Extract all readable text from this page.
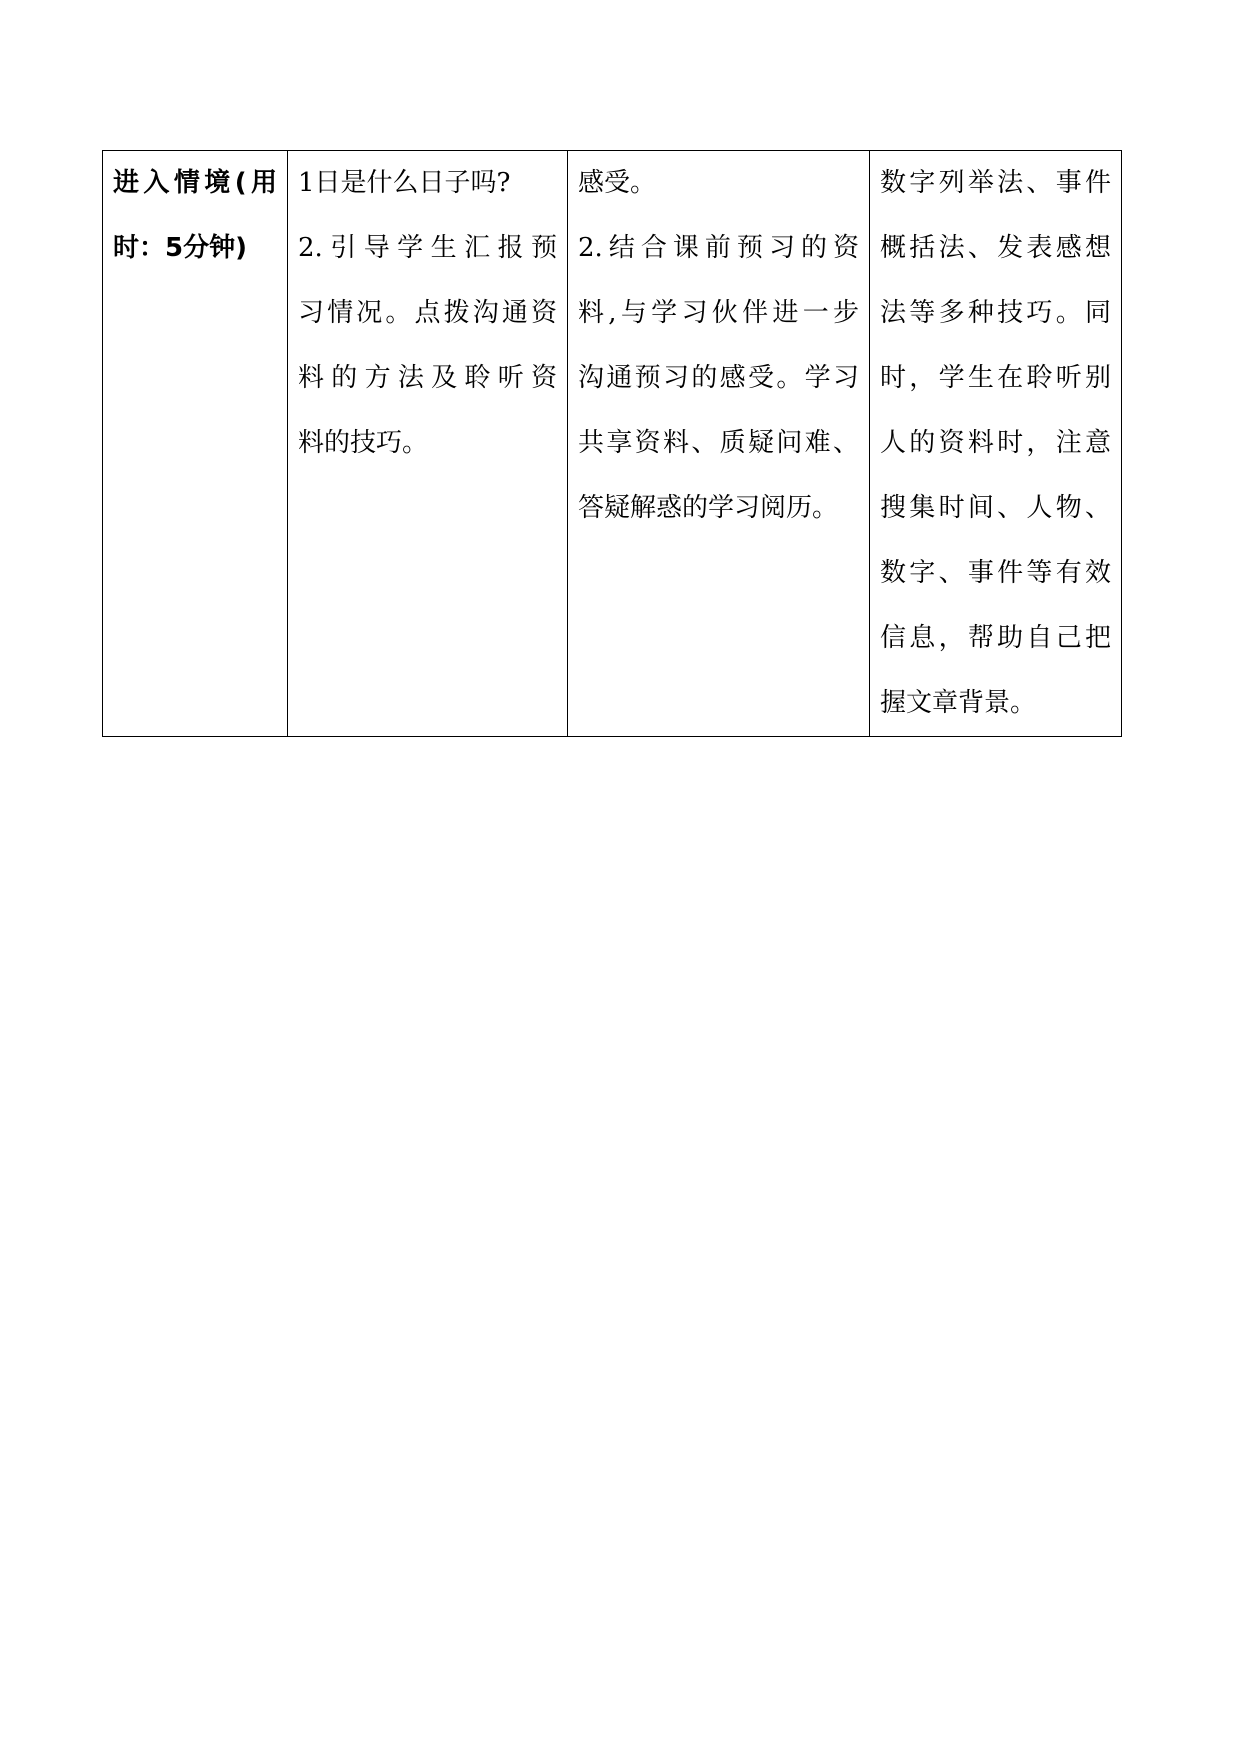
进入情境(用
时：5分钟)

1日是什么日子吗?
2.引导学生汇报预
习情况。点拨沟通资
料的方法及聆听资
料的技巧。

感受。
2.结合课前预习的资
料,与学习伙伴进一步
沟通预习的感受。学习
共享资料、质疑问难、
答疑解惑的学习阅历。

数字列举法、事件
概括法、发表感想
法等多种技巧。同
时，学生在聆听别
人的资料时，注意
搜集时间、人物、
数字、事件等有效
信息，帮助自己把
握文章背景。
